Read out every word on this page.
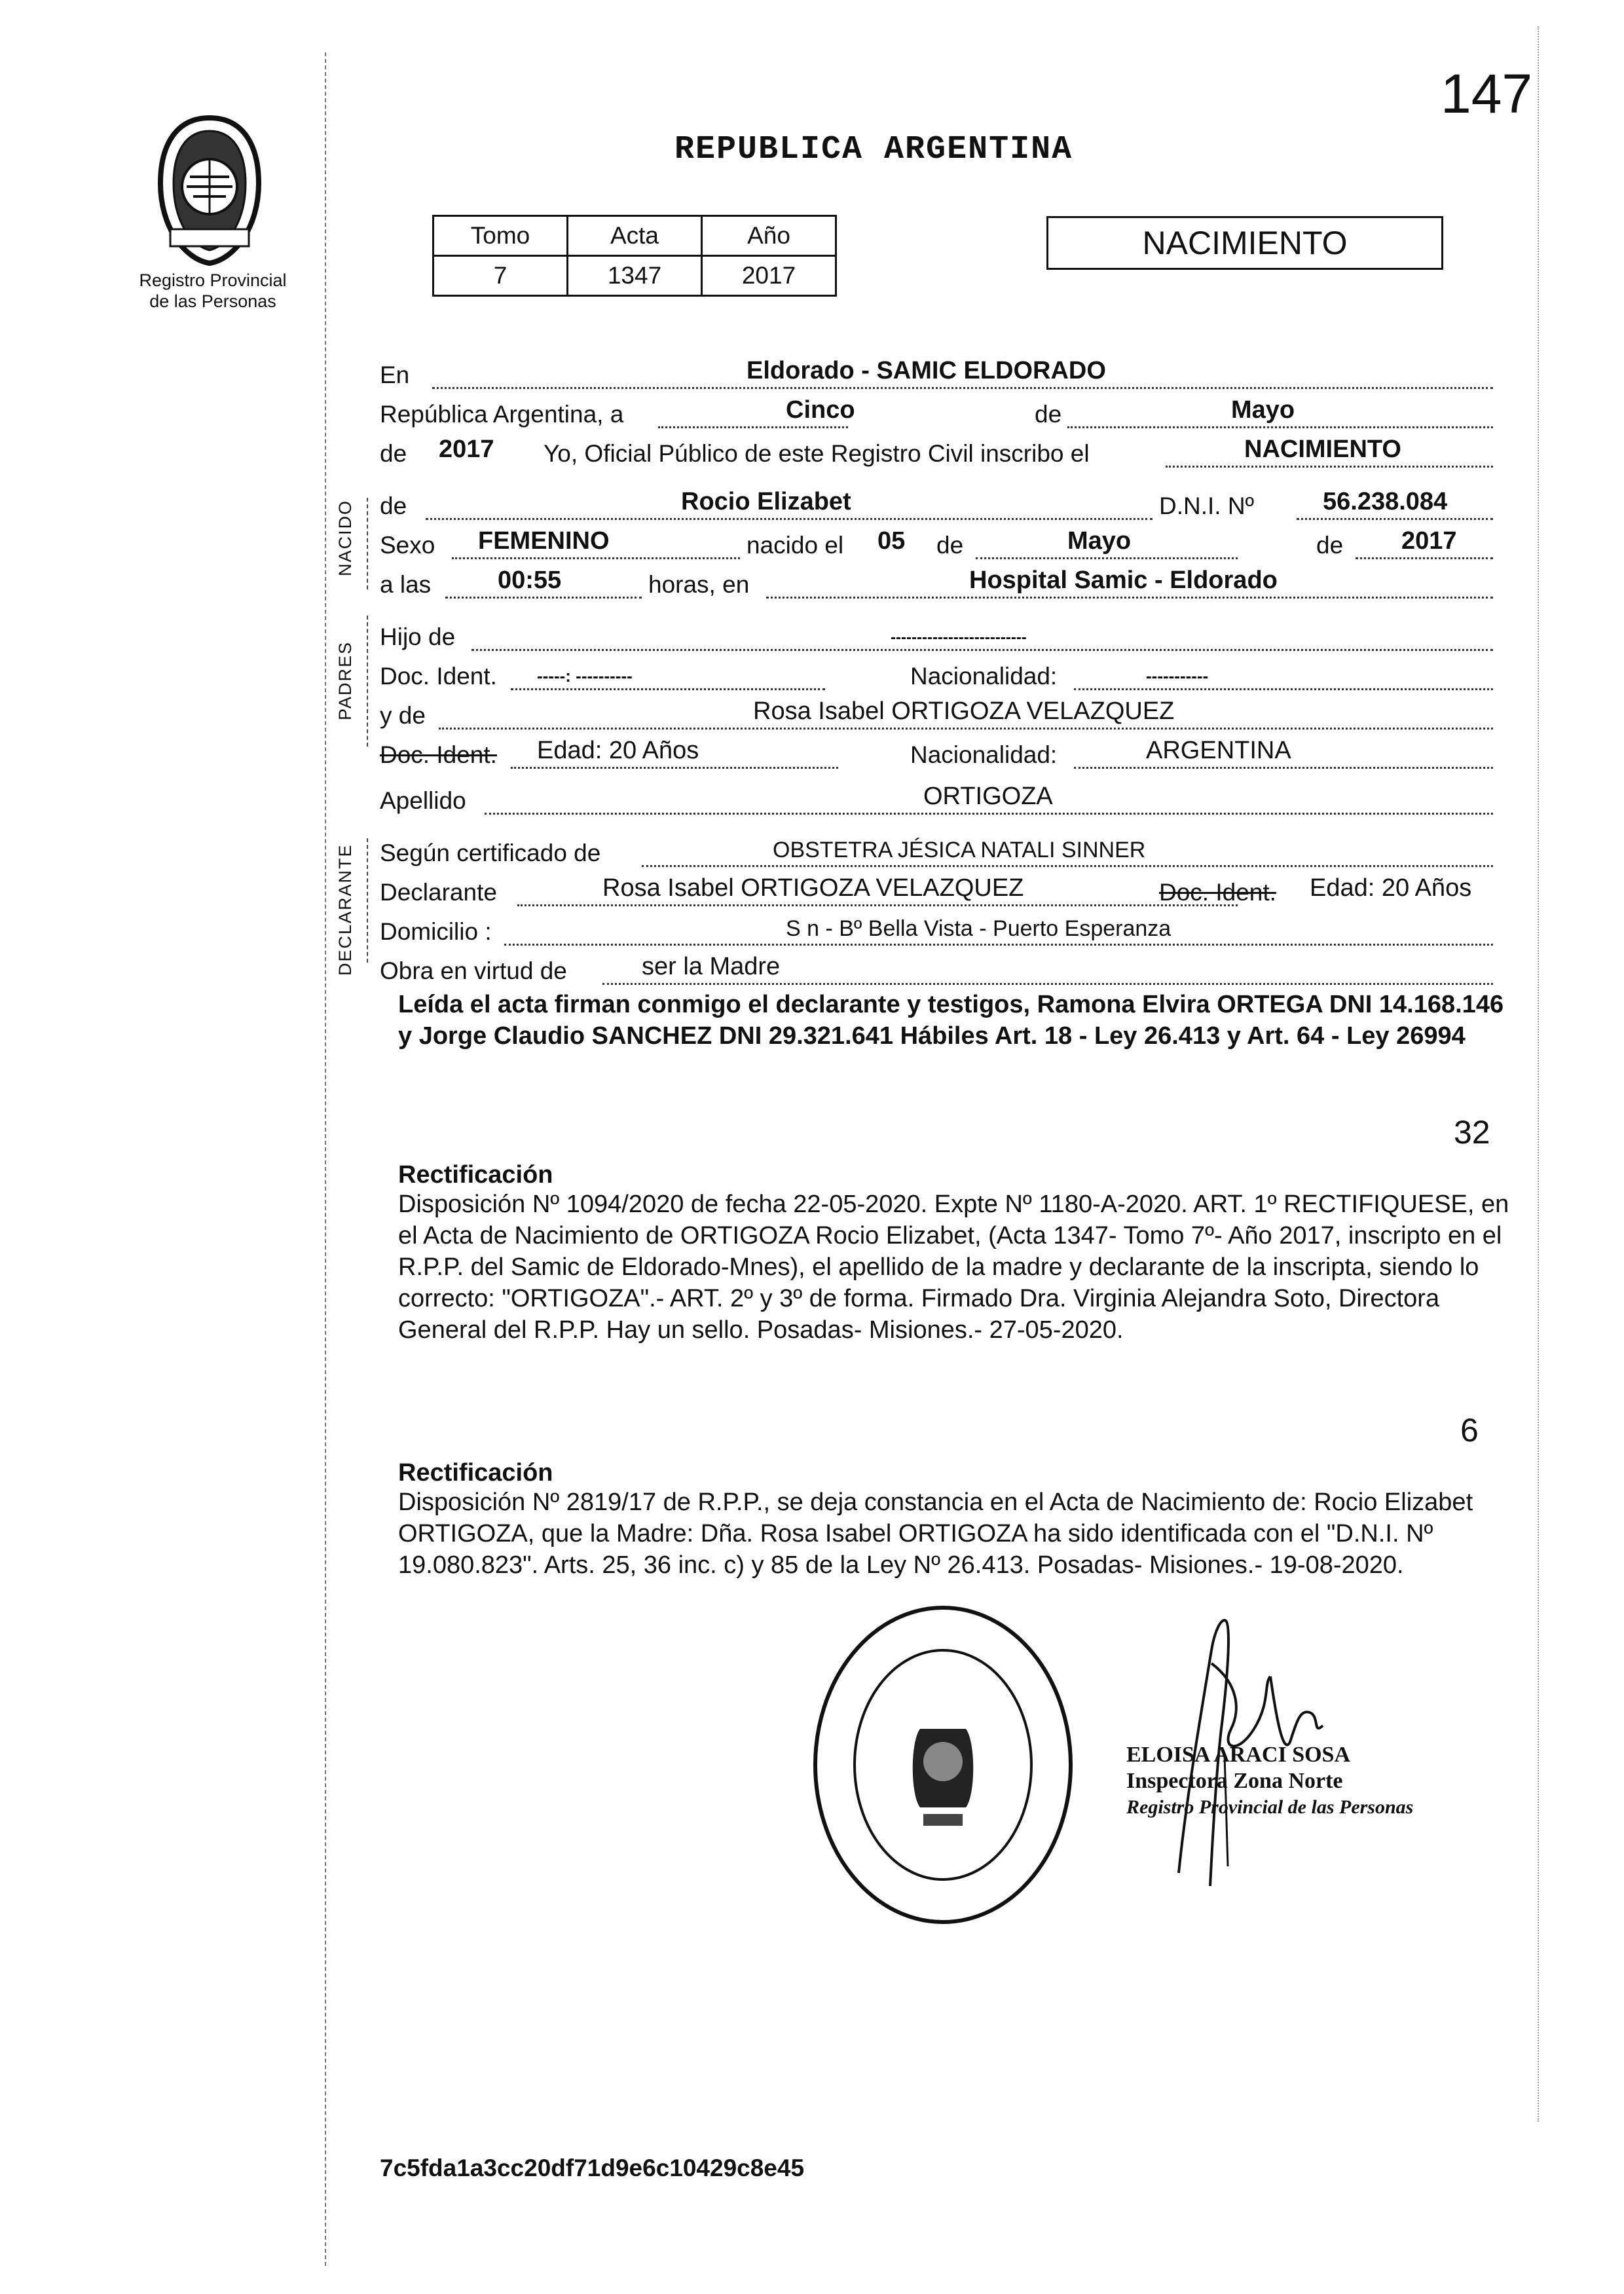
147
Registro Provincial
de las Personas
REPUBLICA ARGENTINA
Tomo	Acta	Año
7	1347	2017
NACIMIENTO
NACIDO
PADRES
DECLARANTE
En	Eldorado - SAMIC ELDORADO
República Argentina, a	Cinco	de	Mayo
de 2017 Yo, Oficial Público de este Registro Civil inscribo el	NACIMIENTO
de	Rocio Elizabet	D.N.I. Nº	56.238.084
Sexo FEMENINO	nacido el 05 de	Mayo	de 2017
a las	00:55	horas, en	Hospital Samic - Eldorado
Hijo de	--------------------------
Doc. Ident. -----: ----------	Nacionalidad:	-----------
y de	Rosa Isabel ORTIGOZA VELAZQUEZ
Doc. Ident. Edad: 20 Años	Nacionalidad:	ARGENTINA
Apellido	ORTIGOZA
Según certificado de	OBSTETRA JÉSICA NATALI SINNER
Declarante	Rosa Isabel ORTIGOZA VELAZQUEZ	Doc. Ident. Edad: 20 Años
Domicilio :	S n - Bº Bella Vista - Puerto Esperanza
Obra en virtud de	ser la Madre
Leída el acta firman conmigo el declarante y testigos, Ramona Elvira ORTEGA DNI 14.168.146 y Jorge Claudio SANCHEZ DNI 29.321.641 Hábiles Art. 18 - Ley 26.413 y Art. 64 - Ley 26994
32
Rectificación
Disposición Nº 1094/2020 de fecha 22-05-2020. Expte Nº 1180-A-2020. ART. 1º RECTIFIQUESE, en el Acta de Nacimiento de ORTIGOZA Rocio Elizabet, (Acta 1347- Tomo 7º- Año 2017, inscripto en el R.P.P. del Samic de Eldorado-Mnes), el apellido de la madre y declarante de la inscripta, siendo lo correcto: "ORTIGOZA".- ART. 2º y 3º de forma. Firmado Dra. Virginia Alejandra Soto, Directora General del R.P.P. Hay un sello. Posadas- Misiones.- 27-05-2020.
6
Rectificación
Disposición Nº 2819/17 de R.P.P., se deja constancia en el Acta de Nacimiento de: Rocio Elizabet ORTIGOZA, que la Madre: Dña. Rosa Isabel ORTIGOZA ha sido identificada con el "D.N.I. Nº 19.080.823". Arts. 25, 36 inc. c) y 85 de la Ley Nº 26.413. Posadas- Misiones.- 19-08-2020.
ELOISA ARACI SOSA
Inspectora Zona Norte
Registro Provincial de las Personas
7c5fda1a3cc20df71d9e6c10429c8e45
